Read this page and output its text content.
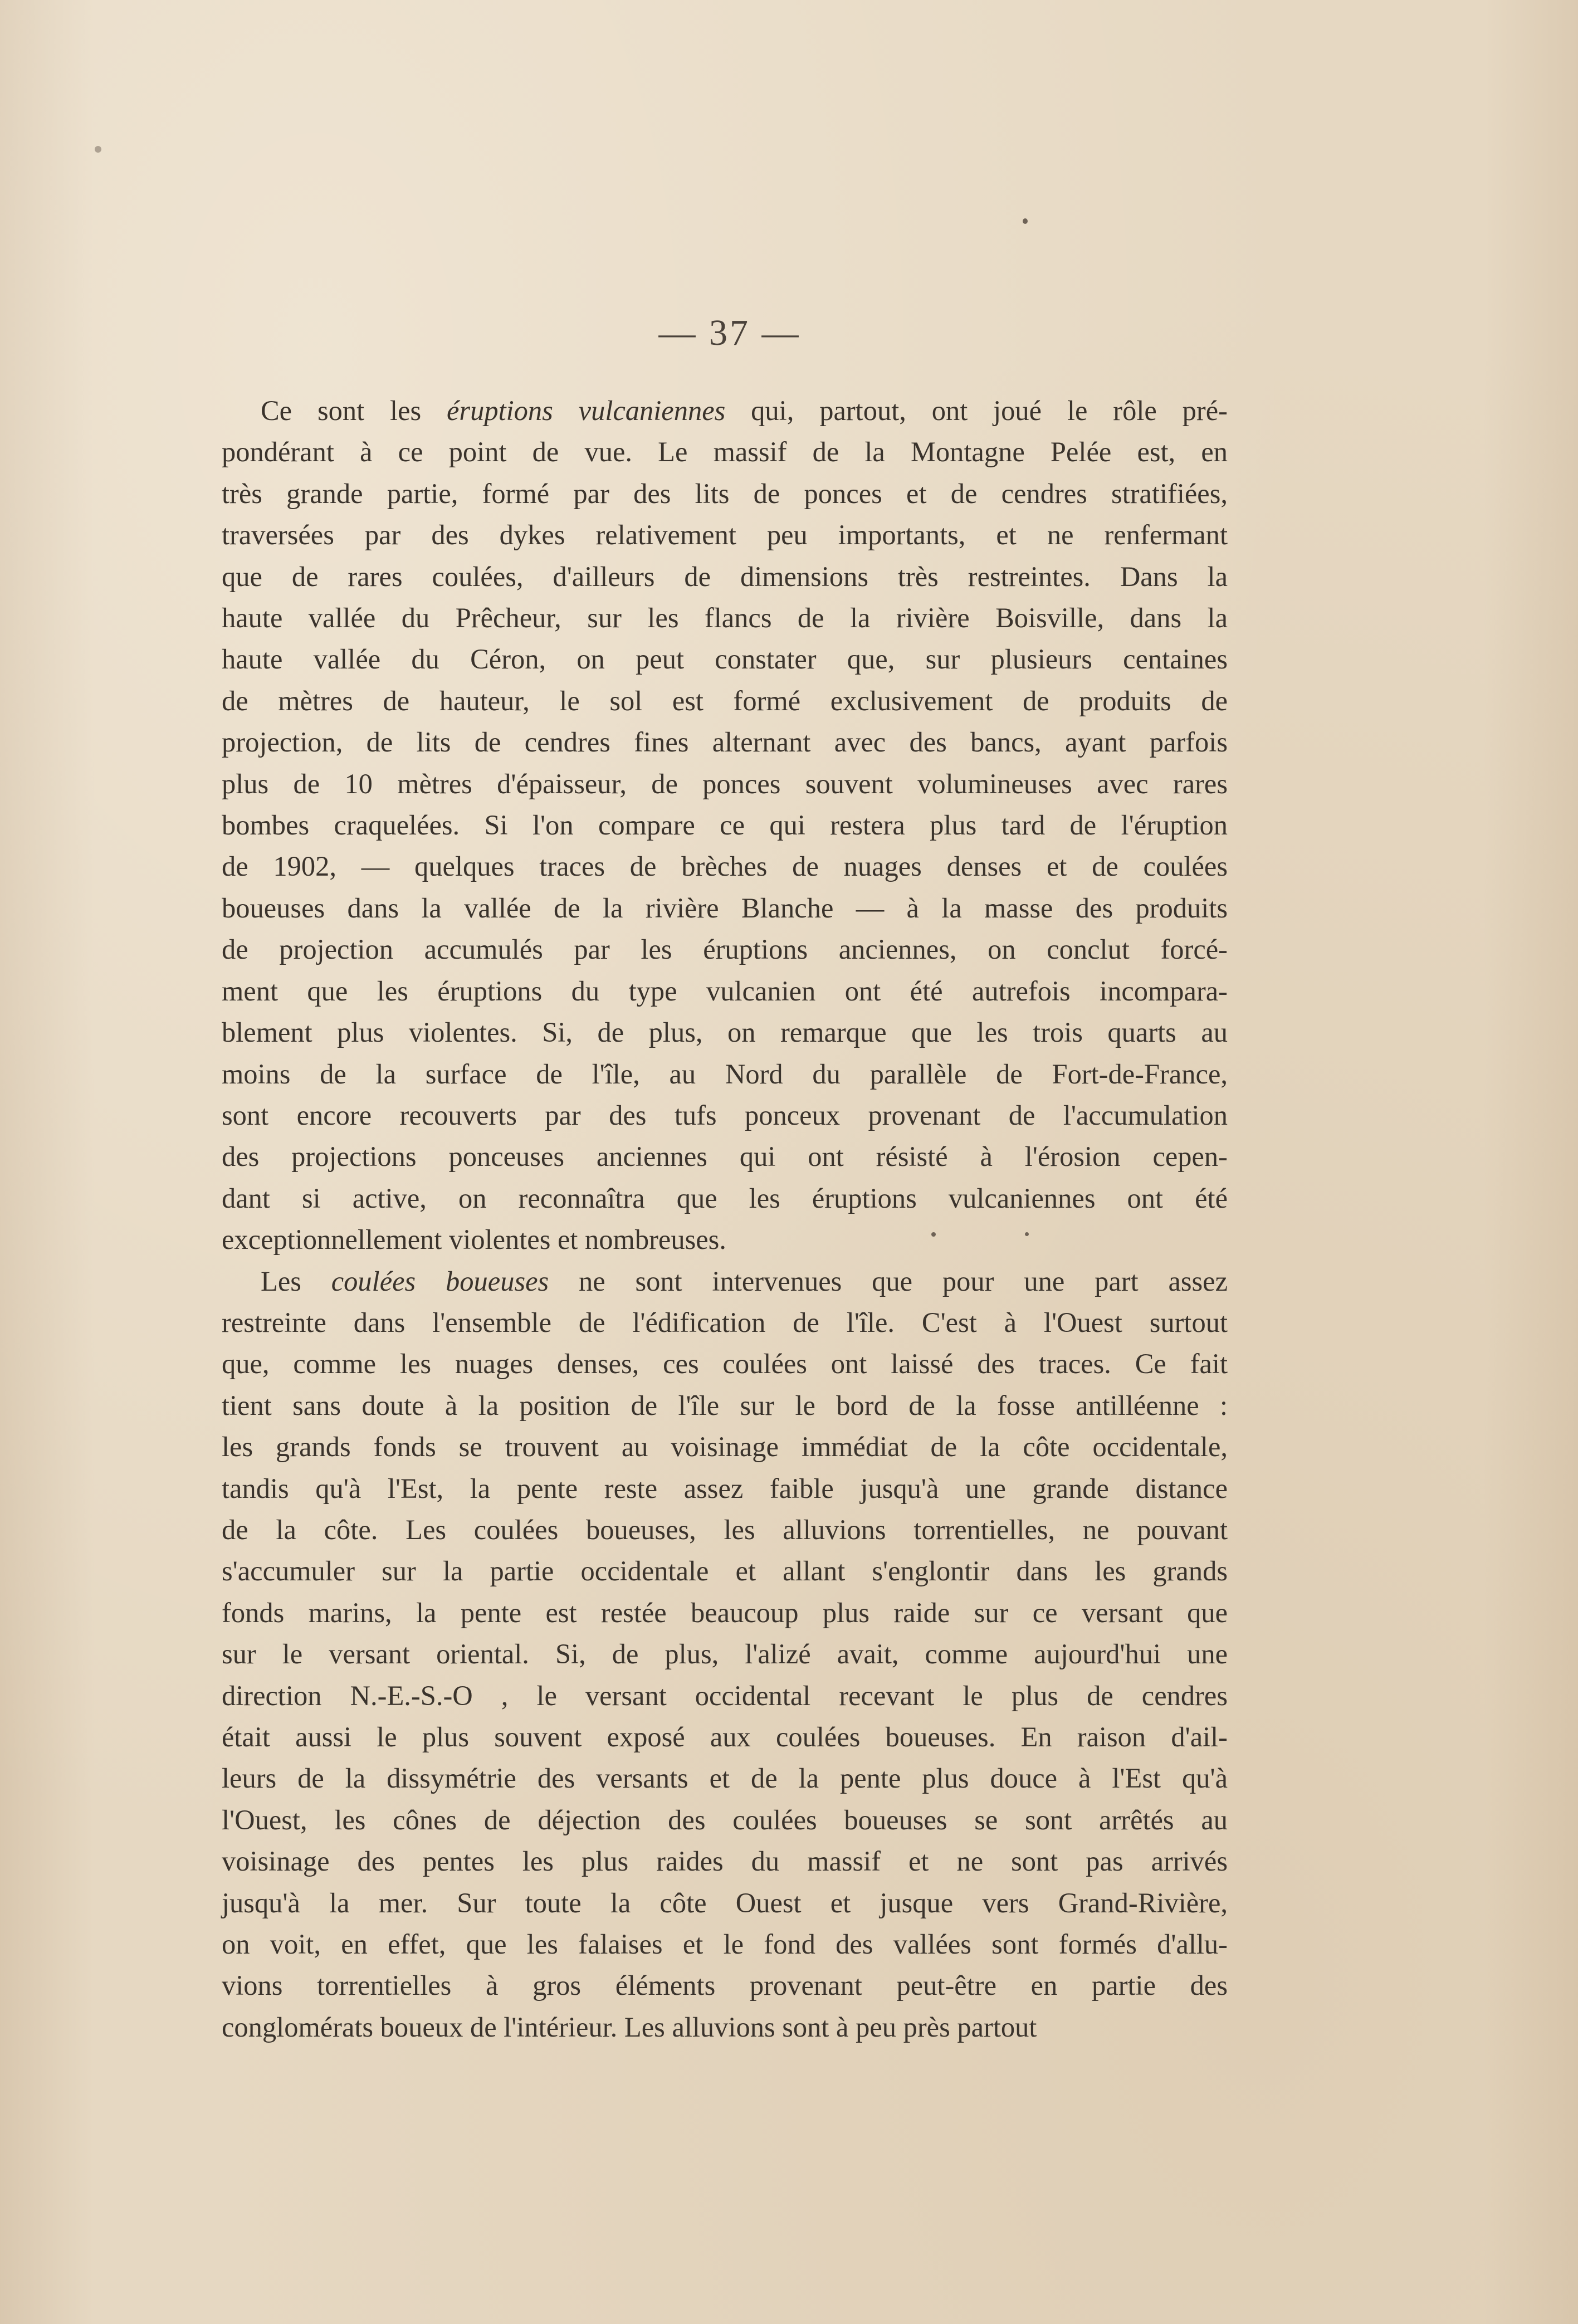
— 37 —
Ce sont les éruptions vulcaniennes qui, partout, ont joué le rôle pré-
pondérant à ce point de vue. Le massif de la Montagne Pelée est, en
très grande partie, formé par des lits de ponces et de cendres stratifiées,
traversées par des dykes relativement peu importants, et ne renfermant
que de rares coulées, d'ailleurs de dimensions très restreintes. Dans la
haute vallée du Prêcheur, sur les flancs de la rivière Boisville, dans la
haute vallée du Céron, on peut constater que, sur plusieurs centaines
de mètres de hauteur, le sol est formé exclusivement de produits de
projection, de lits de cendres fines alternant avec des bancs, ayant parfois
plus de 10 mètres d'épaisseur, de ponces souvent volumineuses avec rares
bombes craquelées. Si l'on compare ce qui restera plus tard de l'éruption
de 1902, — quelques traces de brèches de nuages denses et de coulées
boueuses dans la vallée de la rivière Blanche — à la masse des produits
de projection accumulés par les éruptions anciennes, on conclut forcé-
ment que les éruptions du type vulcanien ont été autrefois incompara-
blement plus violentes. Si, de plus, on remarque que les trois quarts au
moins de la surface de l'île, au Nord du parallèle de Fort-de-France,
sont encore recouverts par des tufs ponceux provenant de l'accumulation
des projections ponceuses anciennes qui ont résisté à l'érosion cepen-
dant si active, on reconnaîtra que les éruptions vulcaniennes ont été
exceptionnellement violentes et nombreuses.
Les coulées boueuses ne sont intervenues que pour une part assez
restreinte dans l'ensemble de l'édification de l'île. C'est à l'Ouest surtout
que, comme les nuages denses, ces coulées ont laissé des traces. Ce fait
tient sans doute à la position de l'île sur le bord de la fosse antilléenne :
les grands fonds se trouvent au voisinage immédiat de la côte occidentale,
tandis qu'à l'Est, la pente reste assez faible jusqu'à une grande distance
de la côte. Les coulées boueuses, les alluvions torrentielles, ne pouvant
s'accumuler sur la partie occidentale et allant s'englontir dans les grands
fonds marins, la pente est restée beaucoup plus raide sur ce versant que
sur le versant oriental. Si, de plus, l'alizé avait, comme aujourd'hui une
direction N.-E.-S.-O , le versant occidental recevant le plus de cendres
était aussi le plus souvent exposé aux coulées boueuses. En raison d'ail-
leurs de la dissymétrie des versants et de la pente plus douce à l'Est qu'à
l'Ouest, les cônes de déjection des coulées boueuses se sont arrêtés au
voisinage des pentes les plus raides du massif et ne sont pas arrivés
jusqu'à la mer. Sur toute la côte Ouest et jusque vers Grand-Rivière,
on voit, en effet, que les falaises et le fond des vallées sont formés d'allu-
vions torrentielles à gros éléments provenant peut-être en partie des
conglomérats boueux de l'intérieur. Les alluvions sont à peu près partout
